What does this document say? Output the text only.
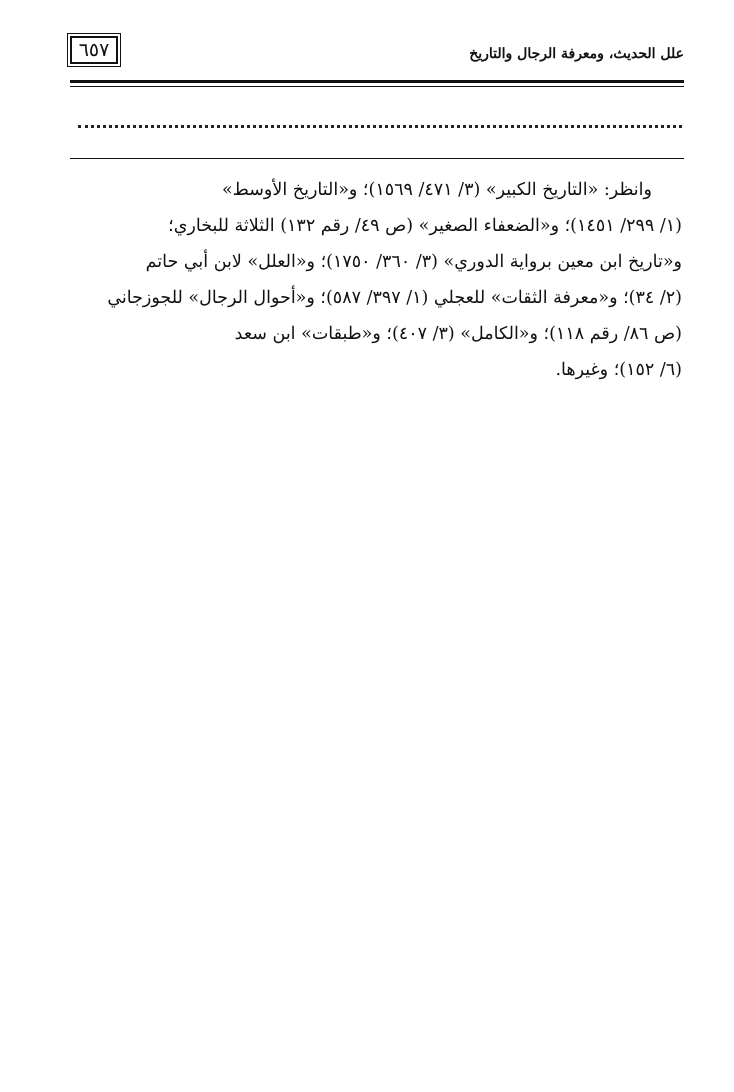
٦٥٧	علل الحديث، ومعرفة الرجال والتاريخ
وانظر: «التاريخ الكبير» (٣/ ٤٧١/ ١٥٦٩)؛ و«التاريخ الأوسط»
(١/ ٢٩٩/ ١٤٥١)؛ و«الضعفاء الصغير» (ص ٤٩/ رقم ١٣٢) الثلاثة للبخاري؛
و«تاريخ ابن معين برواية الدوري» (٣/ ٣٦٠/ ١٧٥٠)؛ و«العلل» لابن أبي حاتم
(٢/ ٣٤)؛ و«معرفة الثقات» للعجلي (١/ ٣٩٧/ ٥٨٧)؛ و«أحوال الرجال» للجوزجاني
(ص ٨٦/ رقم ١١٨)؛ و«الكامل» (٣/ ٤٠٧)؛ و«طبقات» ابن سعد
(٦/ ١٥٢)؛ وغيرها.
